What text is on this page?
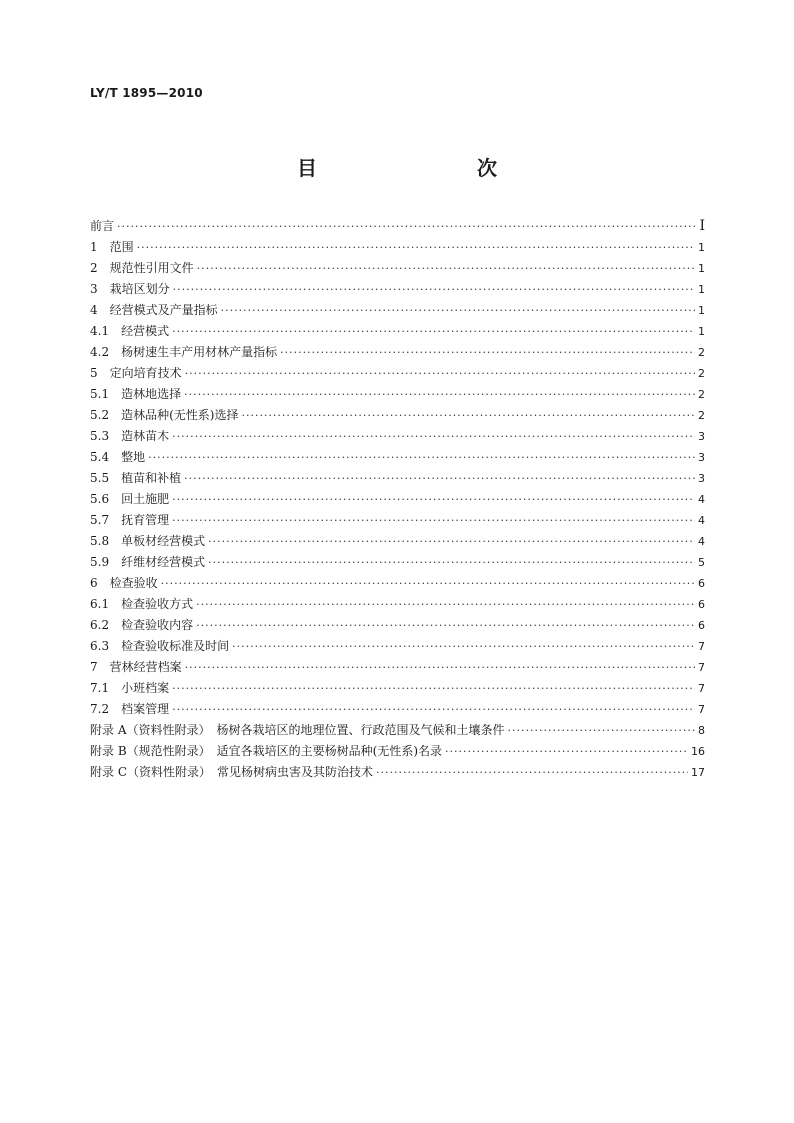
LY/T 1895—2010
目　　次
前言 ·····	Ⅰ
1　范围 ·····	1
2　规范性引用文件 ·····	1
3　栽培区划分 ·····	1
4　经营模式及产量指标 ·····	1
4.1　经营模式 ·····	1
4.2　杨树速生丰产用材林产量指标 ·····	2
5　定向培育技术 ·····	2
5.1　造林地选择 ·····	2
5.2　造林品种(无性系)选择 ·····	2
5.3　造林苗木 ·····	3
5.4　整地 ·····	3
5.5　植苗和补植 ·····	3
5.6　回土施肥 ·····	4
5.7　抚育管理 ·····	4
5.8　单板材经营模式 ·····	4
5.9　纤维材经营模式 ·····	5
6　检查验收 ·····	6
6.1　检查验收方式 ·····	6
6.2　检查验收内容 ·····	6
6.3　检查验收标准及时间 ·····	7
7　营林经营档案 ·····	7
7.1　小班档案 ·····	7
7.2　档案管理 ·····	7
附录 A（资料性附录）　杨树各栽培区的地理位置、行政范围及气候和土壤条件 ·····	8
附录 B（规范性附录）　适宜各栽培区的主要杨树品种(无性系)名录 ·····	16
附录 C（资料性附录）　常见杨树病虫害及其防治技术 ·····	17
